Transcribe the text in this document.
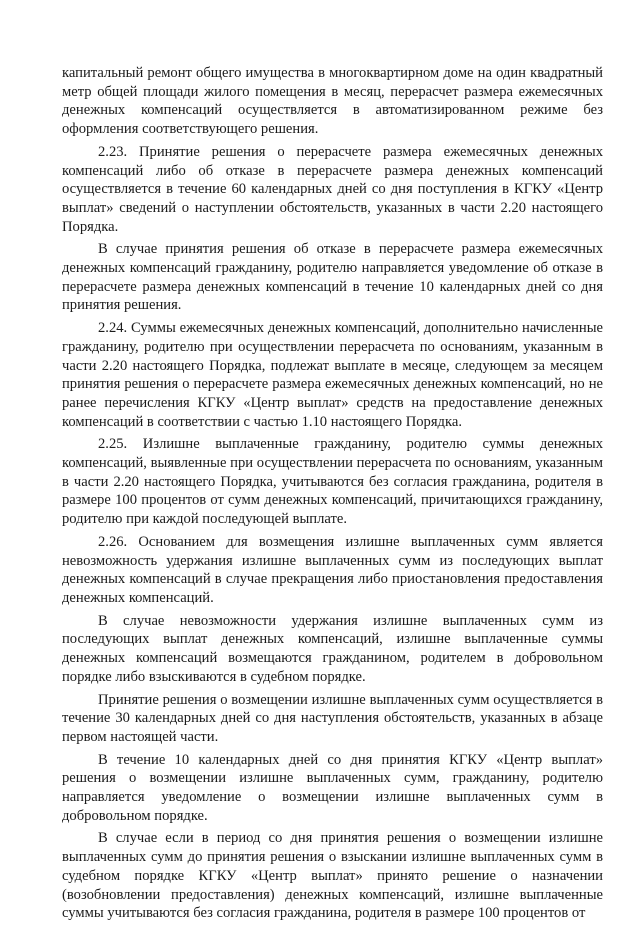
капитальный ремонт общего имущества в многоквартирном доме на один квадратный метр общей площади жилого помещения в месяц, перерасчет размера ежемесячных денежных компенсаций осуществляется в автоматизированном режиме без оформления соответствующего решения.

2.23. Принятие решения о перерасчете размера ежемесячных денежных компенсаций либо об отказе в перерасчете размера денежных компенсаций осуществляется в течение 60 календарных дней со дня поступления в КГКУ «Центр выплат» сведений о наступлении обстоятельств, указанных в части 2.20 настоящего Порядка.

В случае принятия решения об отказе в перерасчете размера ежемесячных денежных компенсаций гражданину, родителю направляется уведомление об отказе в перерасчете размера денежных компенсаций в течение 10 календарных дней со дня принятия решения.

2.24. Суммы ежемесячных денежных компенсаций, дополнительно начисленные гражданину, родителю при осуществлении перерасчета по основаниям, указанным в части 2.20 настоящего Порядка, подлежат выплате в месяце, следующем за месяцем принятия решения о перерасчете размера ежемесячных денежных компенсаций, но не ранее перечисления КГКУ «Центр выплат» средств на предоставление денежных компенсаций в соответствии с частью 1.10 настоящего Порядка.

2.25. Излишне выплаченные гражданину, родителю суммы денежных компенсаций, выявленные при осуществлении перерасчета по основаниям, указанным в части 2.20 настоящего Порядка, учитываются без согласия гражданина, родителя в размере 100 процентов от сумм денежных компенсаций, причитающихся гражданину, родителю при каждой последующей выплате.

2.26. Основанием для возмещения излишне выплаченных сумм является невозможность удержания излишне выплаченных сумм из последующих выплат денежных компенсаций в случае прекращения либо приостановления предоставления денежных компенсаций.

В случае невозможности удержания излишне выплаченных сумм из последующих выплат денежных компенсаций, излишне выплаченные суммы денежных компенсаций возмещаются гражданином, родителем в добровольном порядке либо взыскиваются в судебном порядке.

Принятие решения о возмещении излишне выплаченных сумм осуществляется в течение 30 календарных дней со дня наступления обстоятельств, указанных в абзаце первом настоящей части.

В течение 10 календарных дней со дня принятия КГКУ «Центр выплат» решения о возмещении излишне выплаченных сумм, гражданину, родителю направляется уведомление о возмещении излишне выплаченных сумм в добровольном порядке.

В случае если в период со дня принятия решения о возмещении излишне выплаченных сумм до принятия решения о взыскании излишне выплаченных сумм в судебном порядке КГКУ «Центр выплат» принято решение о назначении (возобновлении предоставления) денежных компенсаций, излишне выплаченные суммы учитываются без согласия гражданина, родителя в размере 100 процентов от
